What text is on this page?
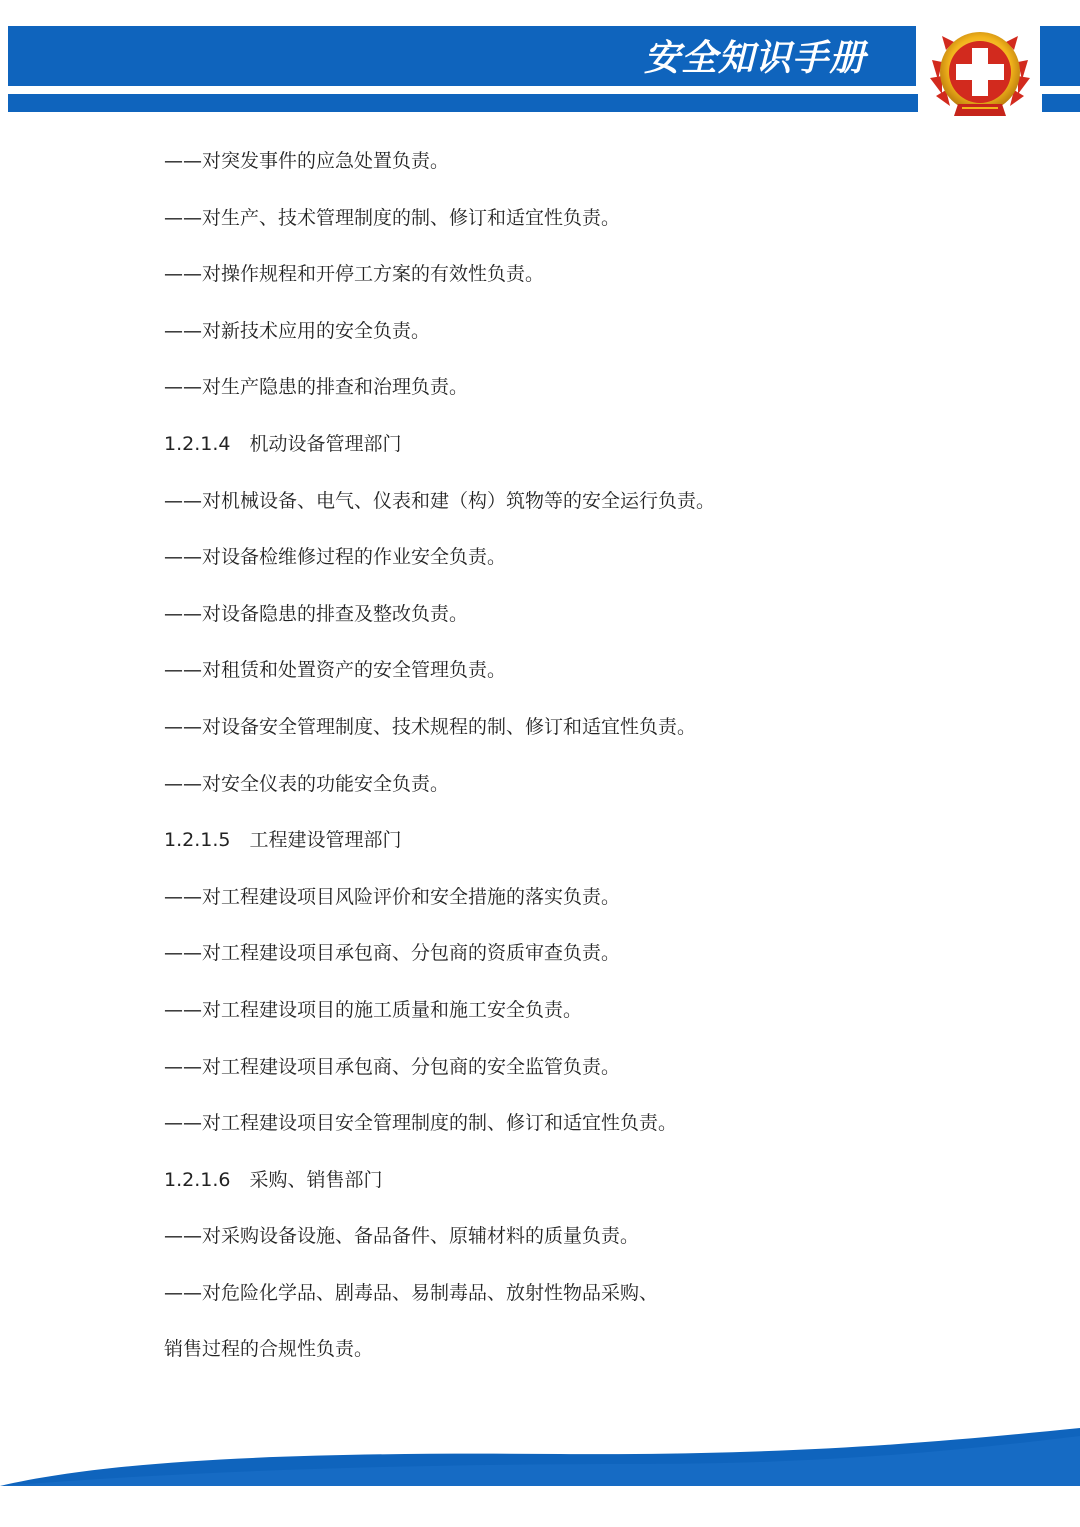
安全知识手册
——对突发事件的应急处置负责。
——对生产、技术管理制度的制、修订和适宜性负责。
——对操作规程和开停工方案的有效性负责。
——对新技术应用的安全负责。
——对生产隐患的排查和治理负责。
1.2.1.4　机动设备管理部门
——对机械设备、电气、仪表和建（构）筑物等的安全运行负责。
——对设备检维修过程的作业安全负责。
——对设备隐患的排查及整改负责。
——对租赁和处置资产的安全管理负责。
——对设备安全管理制度、技术规程的制、修订和适宜性负责。
——对安全仪表的功能安全负责。
1.2.1.5　工程建设管理部门
——对工程建设项目风险评价和安全措施的落实负责。
——对工程建设项目承包商、分包商的资质审查负责。
——对工程建设项目的施工质量和施工安全负责。
——对工程建设项目承包商、分包商的安全监管负责。
——对工程建设项目安全管理制度的制、修订和适宜性负责。
1.2.1.6　采购、销售部门
——对采购设备设施、备品备件、原辅材料的质量负责。
——对危险化学品、剧毒品、易制毒品、放射性物品采购、
销售过程的合规性负责。
